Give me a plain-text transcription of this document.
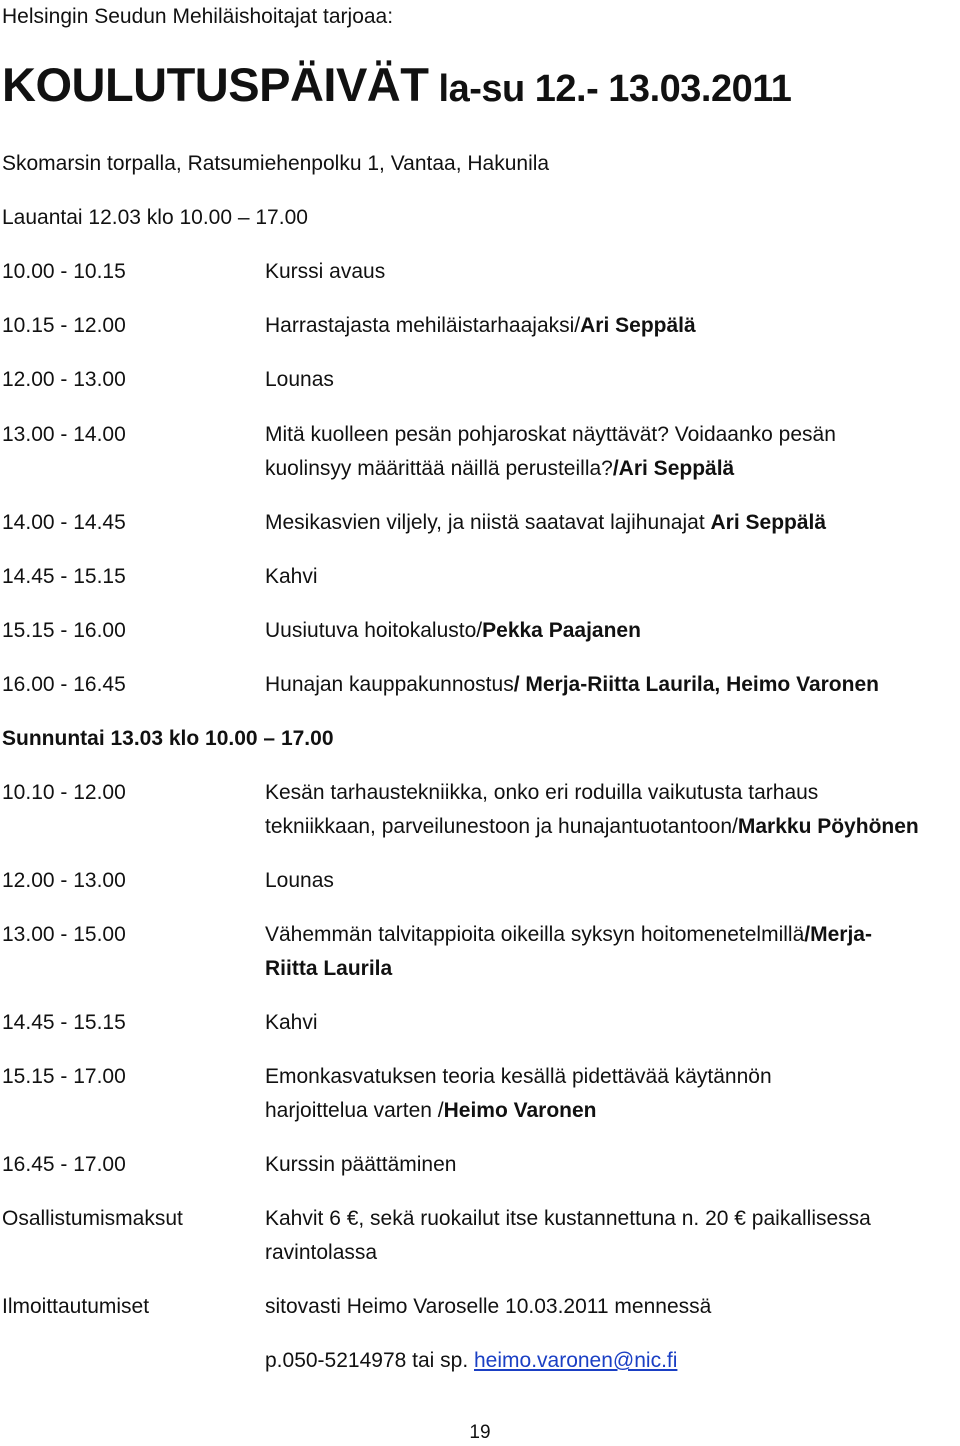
Helsingin Seudun Mehiläishoitajat tarjoaa:
KOULUTUSPÄIVÄT la-su 12.- 13.03.2011
Skomarsin torpalla, Ratsumiehenpolku 1, Vantaa, Hakunila
Lauantai 12.03 klo 10.00 – 17.00
10.00 - 10.15	Kurssi avaus
10.15 - 12.00	Harrastajasta mehiläistarhaajaksi/Ari Seppälä
12.00 - 13.00	Lounas
13.00 - 14.00	Mitä kuolleen pesän pohjaroskat näyttävät? Voidaanko pesän
kuolinsyy määrittää näillä perusteilla?/Ari Seppälä
14.00 - 14.45	Mesikasvien viljely, ja niistä saatavat lajihunajat Ari Seppälä
14.45 - 15.15	Kahvi
15.15 - 16.00	Uusiutuva hoitokalusto/Pekka Paajanen
16.00 - 16.45	Hunajan kauppakunnostus/ Merja-Riitta Laurila, Heimo Varonen
Sunnuntai 13.03 klo 10.00 – 17.00
10.10 - 12.00	Kesän tarhaustekniikka, onko eri roduilla vaikutusta tarhaus
tekniikkaan, parveilunestoon ja hunajantuotantoon/Markku Pöyhönen
12.00 - 13.00	Lounas
13.00 - 15.00	Vähemmän talvitappioita oikeilla syksyn hoitomenetelmillä/Merja-
Riitta Laurila
14.45 - 15.15	Kahvi
15.15 - 17.00	Emonkasvatuksen teoria kesällä pidettävää käytännön
harjoittelua varten /Heimo Varonen
16.45 - 17.00	Kurssin päättäminen
Osallistumismaksut	Kahvit 6 €, sekä ruokailut itse kustannettuna n. 20 € paikallisessa
ravintolassa
Ilmoittautumiset	sitovasti Heimo Varoselle 10.03.2011 mennessä
p.050-5214978 tai sp. heimo.varonen@nic.fi
19
